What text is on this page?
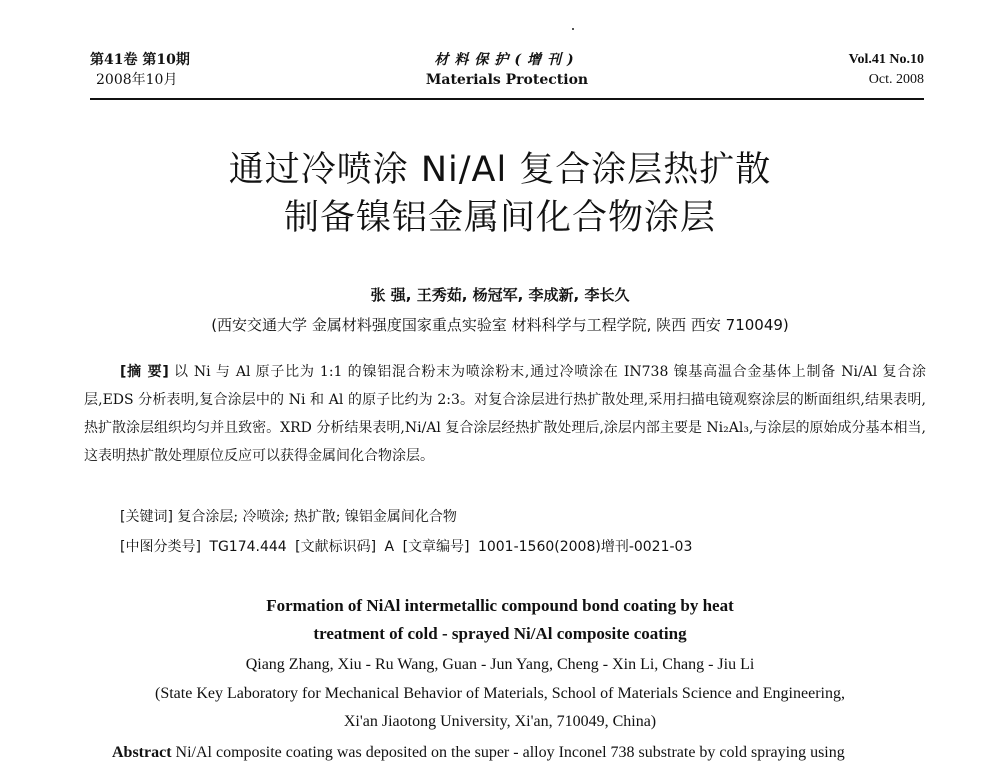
第41卷 第10期
2008年10月
材料保护(增刊)
Materials Protection
Vol.41 No.10
Oct. 2008
通过冷喷涂 Ni/Al 复合涂层热扩散
制备镍铝金属间化合物涂层
张 强, 王秀茹, 杨冠军, 李成新, 李长久
(西安交通大学 金属材料强度国家重点实验室 材料科学与工程学院, 陕西 西安 710049)
[摘 要] 以 Ni 与 Al 原子比为 1:1 的镍铝混合粉末为喷涂粉末,通过冷喷涂在 IN738 镍基高温合金基体上制备 Ni/Al 复合涂层,EDS 分析表明,复合涂层中的 Ni 和 Al 的原子比约为 2:3。对复合涂层进行热扩散处理,采用扫描电镜观察涂层的断面组织,结果表明,热扩散涂层组织均匀并且致密。XRD 分析结果表明,Ni/Al 复合涂层经热扩散处理后,涂层内部主要是 Ni₂Al₃,与涂层的原始成分基本相当,这表明热扩散处理原位反应可以获得金属间化合物涂层。
[关键词] 复合涂层; 冷喷涂; 热扩散; 镍铝金属间化合物
[中图分类号] TG174.444 [文献标识码] A [文章编号] 1001-1560(2008)增刊-0021-03
Formation of NiAl intermetallic compound bond coating by heat
treatment of cold - sprayed Ni/Al composite coating
Qiang Zhang, Xiu - Ru Wang, Guan - Jun Yang, Cheng - Xin Li, Chang - Jiu Li
(State Key Laboratory for Mechanical Behavior of Materials, School of Materials Science and Engineering,
Xi'an Jiaotong University, Xi'an, 710049, China)
Abstract Ni/Al composite coating was deposited on the super - alloy Inconel 738 substrate by cold spraying using
